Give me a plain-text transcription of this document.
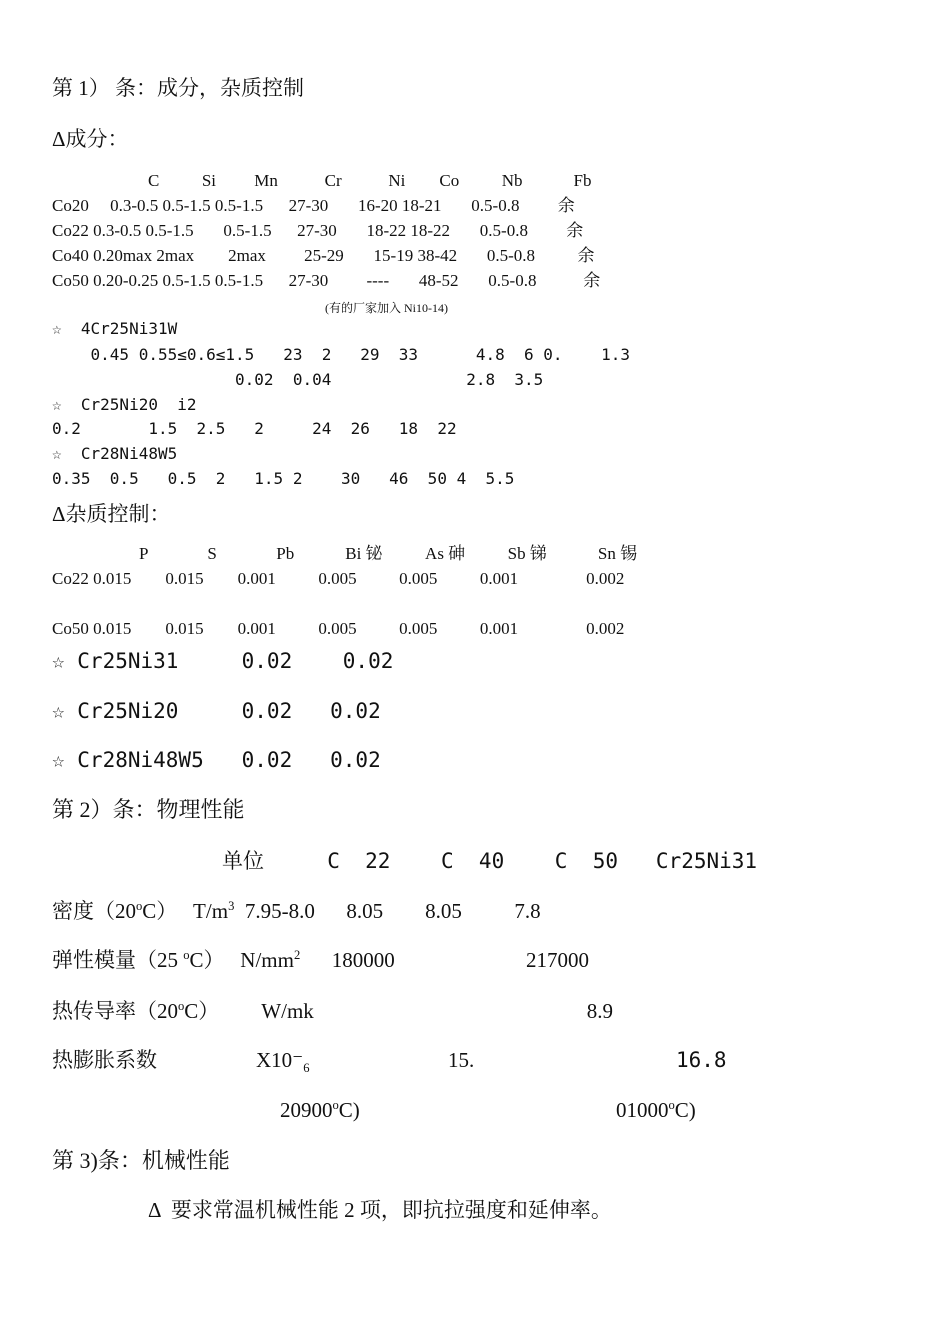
第 1） 条：成分，杂质控制
Δ成分：
C          Si         Mn           Cr           Ni        Co          Nb            Fb
Co20     0.3-0.5 0.5-1.5 0.5-1.5      27-30       16-20 18-21       0.5-0.8         余
Co22 0.3-0.5 0.5-1.5       0.5-1.5      27-30       18-22 18-22       0.5-0.8         余
Co40 0.20max 2max        2max         25-29       15-19 38-42       0.5-0.8          余
Co50 0.20-0.25 0.5-1.5 0.5-1.5      27-30         ----       48-52       0.5-0.8           余
(有的厂家加入 Ni10-14)
☆  4Cr25Ni31W
0.45 0.55≤0.6≤1.5   23  2   29  33      4.8  6 0.    1.3
0.02  0.04              2.8  3.5
☆  Cr25Ni20  i2
0.2       1.5  2.5   2     24  26   18  22
☆  Cr28Ni48W5
0.35  0.5   0.5  2   1.5 2    30   46  50 4  5.5
Δ杂质控制：
P              S              Pb            Bi 铋          As 砷          Sb 锑            Sn 锡
Co22 0.015        0.015        0.001          0.005          0.005          0.001                0.002
Co50 0.015        0.015        0.001          0.005          0.005          0.001                0.002
☆ Cr25Ni31     0.02    0.02
☆ Cr25Ni20     0.02   0.02
☆ Cr28Ni48W5   0.02   0.02
第 2）条：物理性能
单位     C  22    C  40    C  50   Cr25Ni31
密度（20$^o$C）   $T/m^3$  7.95-8.0      8.05        8.05          7.8
弹性模量（25 $^o$C）   $N/mm^2$      180000                         217000
热传导率（20$^o$C）        W/mk                                                    8.9
热膨胀系数	$X10^-_6$	15.	16.8
20900$^o$C)	01000$^o$C)
第 3)条：机械性能
Δ  要求常温机械性能 2 项，即抗拉强度和延伸率。
